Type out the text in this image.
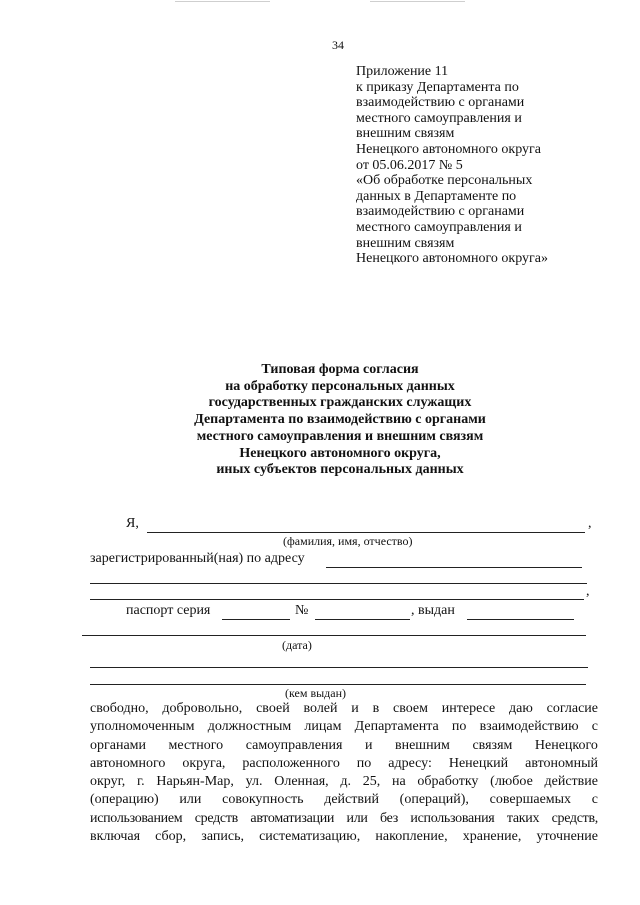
34
Приложение 11
к приказу Департамента по
взаимодействию с органами
местного самоуправления и
внешним связям
Ненецкого автономного округа
от 05.06.2017 № 5
«Об обработке персональных
данных в Департаменте по
взаимодействию с органами
местного самоуправления и
внешним связям
Ненецкого автономного округа»
Типовая форма согласия
на обработку персональных данных
государственных гражданских служащих
Департамента по взаимодействию с органами
местного самоуправления и внешним связям
Ненецкого автономного округа,
иных субъектов персональных данных
Я,	,
(фамилия, имя, отчество)
зарегистрированный(ная) по адресу
,
паспорт серия	№	, выдан
(дата)
(кем выдан)
свободно, добровольно, своей волей и в своем интересе даю согласие
уполномоченным должностным лицам Департамента по взаимодействию с
органами местного самоуправления и внешним связям Ненецкого
автономного округа, расположенного по адресу: Ненецкий автономный
округ, г. Нарьян-Мар, ул. Оленная, д. 25, на обработку (любое действие
(операцию) или совокупность действий (операций), совершаемых с
использованием средств автоматизации или без использования таких средств,
включая сбор, запись, систематизацию, накопление, хранение, уточнение
